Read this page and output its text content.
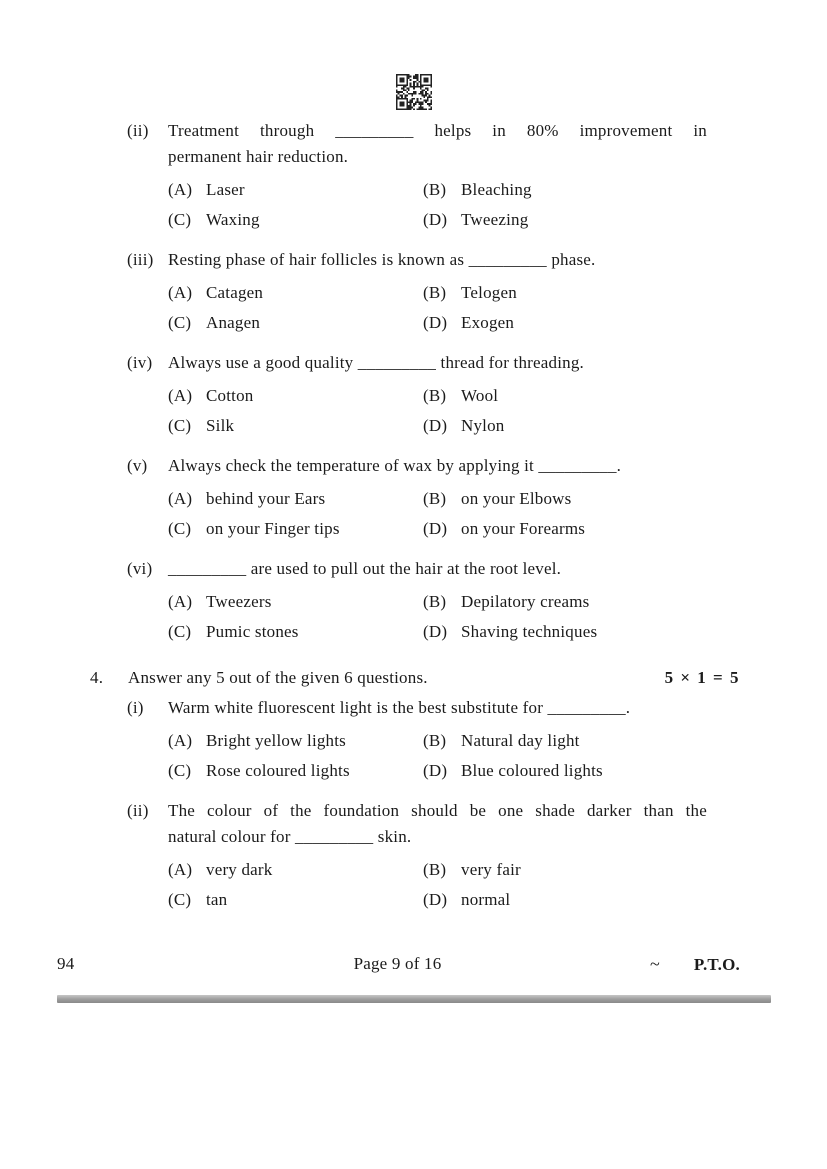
(ii) Treatment through _________ helps in 80% improvement in
permanent hair reduction.
(A) Laser	(B) Bleaching
(C) Waxing	(D) Tweezing
(iii) Resting phase of hair follicles is known as _________ phase.
(A) Catagen	(B) Telogen
(C) Anagen	(D) Exogen
(iv) Always use a good quality _________ thread for threading.
(A) Cotton	(B) Wool
(C) Silk	(D) Nylon
(v) Always check the temperature of wax by applying it _________.
(A) behind your Ears	(B) on your Elbows
(C) on your Finger tips	(D) on your Forearms
(vi) _________ are used to pull out the hair at the root level.
(A) Tweezers	(B) Depilatory creams
(C) Pumic stones	(D) Shaving techniques
4.	Answer any 5 out of the given 6 questions.	5 × 1 = 5
(i) Warm white fluorescent light is the best substitute for _________.
(A) Bright yellow lights	(B) Natural day light
(C) Rose coloured lights	(D) Blue coloured lights
(ii) The colour of the foundation should be one shade darker than the
natural colour for _________ skin.
(A) very dark	(B) very fair
(C) tan	(D) normal
94	Page 9 of 16	~ P.T.O.
